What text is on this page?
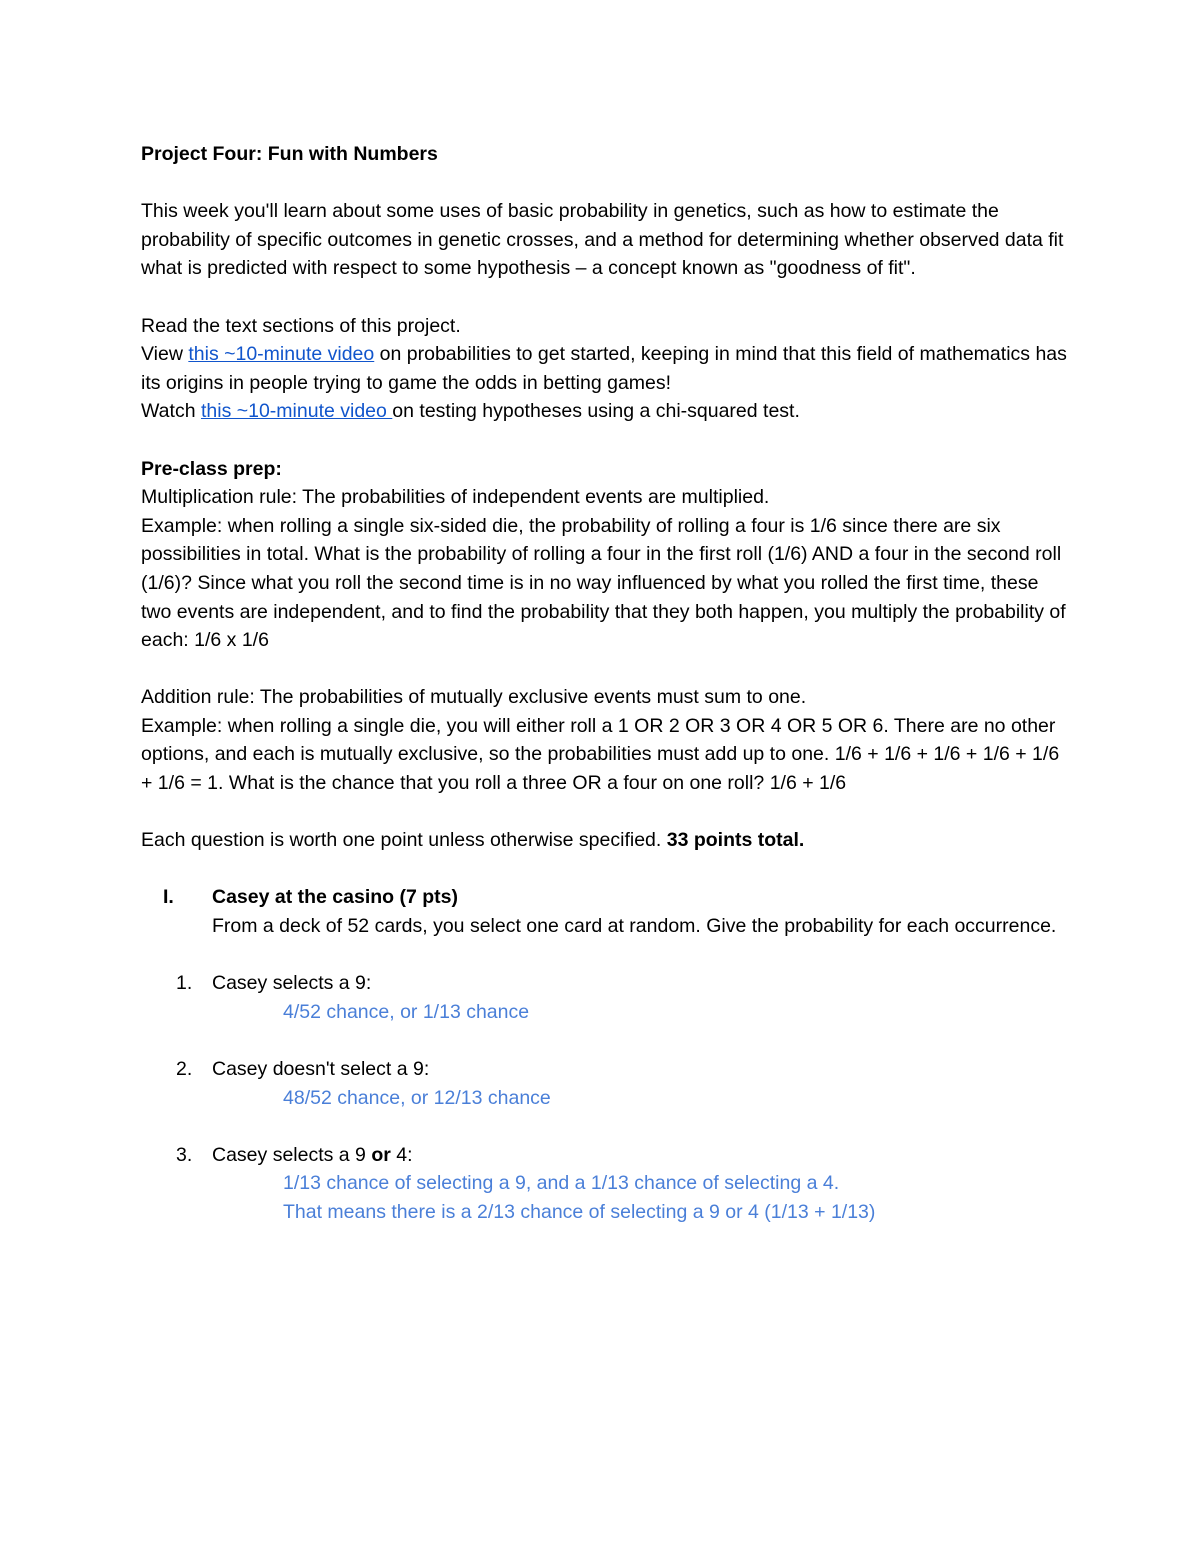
Project Four: Fun with Numbers

This week you'll learn about some uses of basic probability in genetics, such as how to estimate the probability of specific outcomes in genetic crosses, and a method for determining whether observed data fit what is predicted with respect to some hypothesis – a concept known as "goodness of fit".

Read the text sections of this project.

View this ~10-minute video on probabilities to get started, keeping in mind that this field of mathematics has its origins in people trying to game the odds in betting games!

Watch this ~10-minute video on testing hypotheses using a chi-squared test.

Pre-class prep:

Multiplication rule: The probabilities of independent events are multiplied.

Example: when rolling a single six-sided die, the probability of rolling a four is 1/6 since there are six possibilities in total. What is the probability of rolling a four in the first roll (1/6) AND a four in the second roll (1/6)? Since what you roll the second time is in no way influenced by what you rolled the first time, these two events are independent, and to find the probability that they both happen, you multiply the probability of each: 1/6 x 1/6

Addition rule: The probabilities of mutually exclusive events must sum to one.

Example: when rolling a single die, you will either roll a 1 OR 2 OR 3 OR 4 OR 5 OR 6. There are no other options, and each is mutually exclusive, so the probabilities must add up to one. 1/6 + 1/6 + 1/6 + 1/6 + 1/6 + 1/6 = 1. What is the chance that you roll a three OR a four on one roll? 1/6 + 1/6

Each question is worth one point unless otherwise specified. 33 points total.

I. Casey at the casino (7 pts)

From a deck of 52 cards, you select one card at random. Give the probability for each occurrence.

1. Casey selects a 9:

4/52 chance, or 1/13 chance

2. Casey doesn't select a 9:

48/52 chance, or 12/13 chance

3. Casey selects a 9 or 4:

1/13 chance of selecting a 9, and a 1/13 chance of selecting a 4.

That means there is a 2/13 chance of selecting a 9 or 4 (1/13 + 1/13)
